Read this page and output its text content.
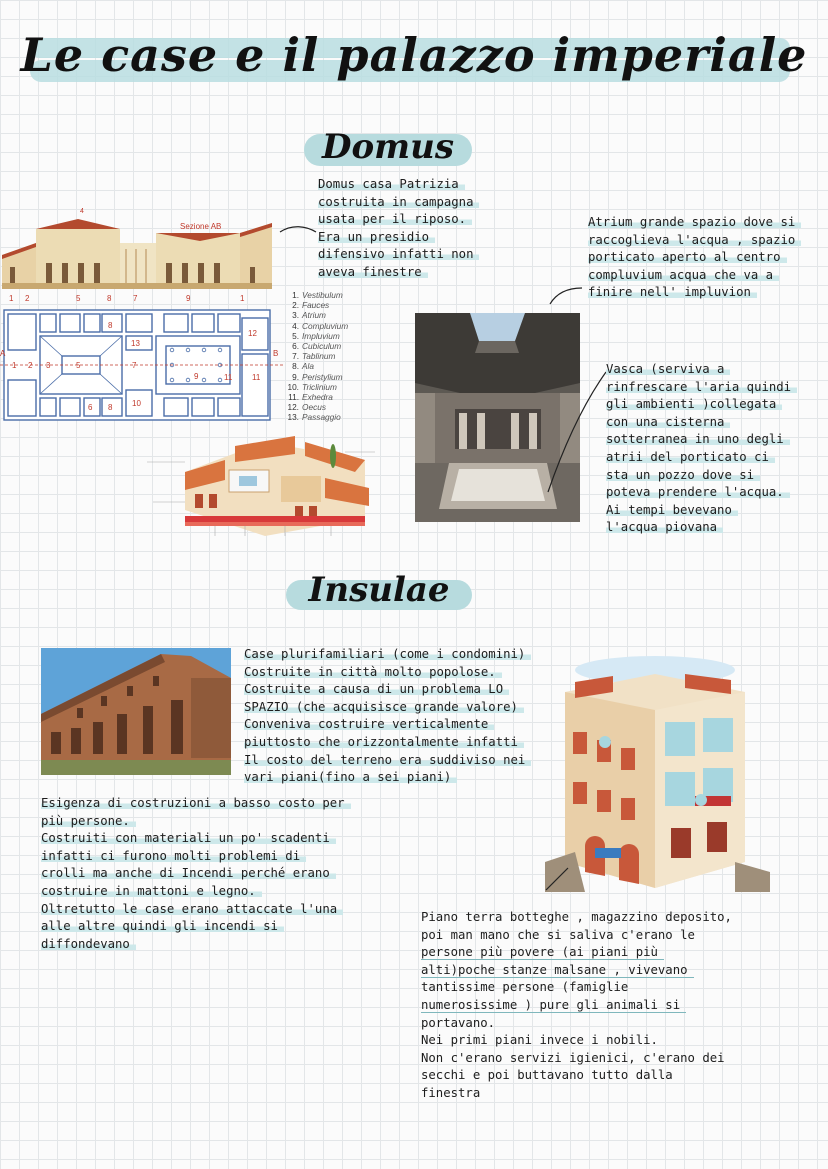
Le case e il palazzo imperiale
Domus
Domus casa Patrizia
costruita in campagna
usata per il riposo.
Era un presidio
difensivo infatti non
aveva finestre
4
Sezione AB
1 2	5	8	7	9	1
A	B
1 2 3	5	7
8
13
9
10
6 8
12
11
11
1. Vestibulum
2. Fauces
3. Atrium
4. Compluvium
5. Impluvium
6. Cubiculum
7. Tablinum
8. Ala
9. Peristylium
10. Triclinium
11. Exhedra
12. Oecus
13. Passaggio
Atrium grande spazio dove si
raccoglieva l'acqua , spazio
porticato aperto al centro
compluvium acqua che va a
finire nell' impluvion
Vasca (serviva a
rinfrescare l'aria quindi
gli ambienti )collegata
con una cisterna
sotterranea in uno degli
atrii del porticato ci
sta un pozzo dove si
poteva prendere l'acqua.
Ai tempi bevevano
l'acqua piovana
Insulae
Case plurifamiliari (come i condomini)
Costruite in città molto popolose.
Costruite a causa di un problema LO
SPAZIO (che acquisisce grande valore)
Conveniva costruire verticalmente
piuttosto che orizzontalmente infatti
Il costo del terreno era suddiviso nei
vari piani(fino a sei piani)
Esigenza di costruzioni a basso costo per
più persone.
Costruiti con materiali un po' scadenti
infatti ci furono molti problemi di
crolli ma anche di Incendi perché erano
costruire in mattoni e legno.
Oltretutto le case erano attaccate l'una
alle altre quindi gli incendi si
diffondevano
Piano terra botteghe , magazzino deposito,
poi man mano che si saliva c'erano le
persone più povere (ai piani più
alti)poche stanze malsane , vivevano
tantissime persone (famiglie
numerosissime ) pure gli animali si
portavano.
Nei primi piani invece i nobili.
Non c'erano servizi igienici, c'erano dei
secchi e poi buttavano tutto dalla
finestra
